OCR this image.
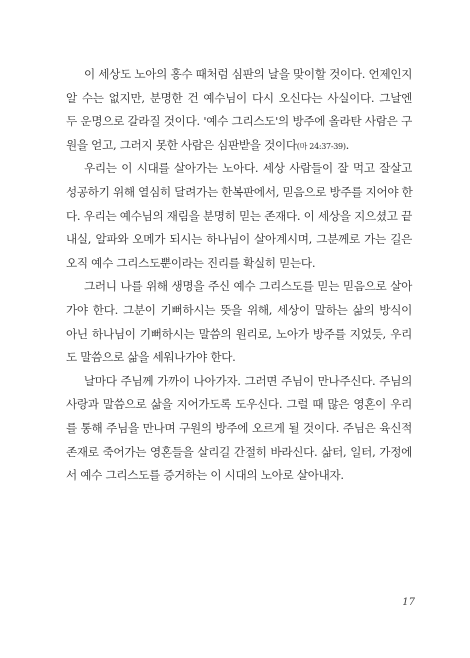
이 세상도 노아의 홍수 때처럼 심판의 날을 맞이할 것이다. 언제인지
알 수는 없지만, 분명한 건 예수님이 다시 오신다는 사실이다. 그날엔
두 운명으로 갈라질 것이다. '예수 그리스도'의 방주에 올라탄 사람은 구
원을 얻고, 그러지 못한 사람은 심판받을 것이다(마 24:37-39).

우리는 이 시대를 살아가는 노아다. 세상 사람들이 잘 먹고 잘살고
성공하기 위해 열심히 달려가는 한복판에서, 믿음으로 방주를 지어야 한
다. 우리는 예수님의 재림을 분명히 믿는 존재다. 이 세상을 지으셨고 끝
내실, 알파와 오메가 되시는 하나님이 살아계시며, 그분께로 가는 길은
오직 예수 그리스도뿐이라는 진리를 확실히 믿는다.

그러니 나를 위해 생명을 주신 예수 그리스도를 믿는 믿음으로 살아
가야 한다. 그분이 기뻐하시는 뜻을 위해, 세상이 말하는 삶의 방식이
아닌 하나님이 기뻐하시는 말씀의 원리로, 노아가 방주를 지었듯, 우리
도 말씀으로 삶을 세워나가야 한다.

날마다 주님께 가까이 나아가자. 그러면 주님이 만나주신다. 주님의
사랑과 말씀으로 삶을 지어가도록 도우신다. 그럴 때 많은 영혼이 우리
를 통해 주님을 만나며 구원의 방주에 오르게 될 것이다. 주님은 육신적
존재로 죽어가는 영혼들을 살리길 간절히 바라신다. 삶터, 일터, 가정에
서 예수 그리스도를 증거하는 이 시대의 노아로 살아내자.

17
